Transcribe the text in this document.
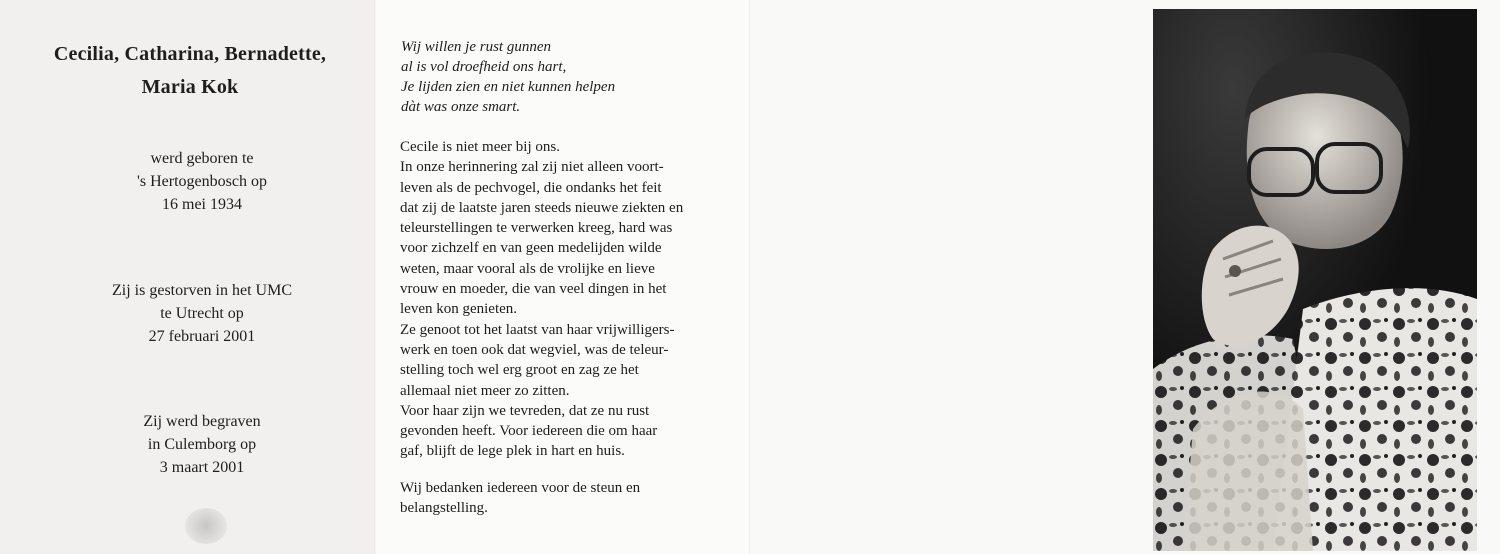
Cecilia, Catharina, Bernadette,
Maria Kok
werd geboren te
's Hertogenbosch op
16 mei 1934
Zij is gestorven in het UMC
te Utrecht op
27 februari 2001
Zij werd begraven
in Culemborg op
3 maart 2001
Wij willen je rust gunnen
al is vol droefheid ons hart,
Je lijden zien en niet kunnen helpen
dàt was onze smart.
Cecile is niet meer bij ons.
In onze herinnering zal zij niet alleen voort-
leven als de pechvogel, die ondanks het feit
dat zij de laatste jaren steeds nieuwe ziekten en
teleurstellingen te verwerken kreeg, hard was
voor zichzelf en van geen medelijden wilde
weten, maar vooral als de vrolijke en lieve
vrouw en moeder, die van veel dingen in het
leven kon genieten.
Ze genoot tot het laatst van haar vrijwilligers-
werk en toen ook dat wegviel, was de teleur-
stelling toch wel erg groot en zag ze het
allemaal niet meer zo zitten.
Voor haar zijn we tevreden, dat ze nu rust
gevonden heeft. Voor iedereen die om haar
gaf, blijft de lege plek in hart en huis.
Wij bedanken iedereen voor de steun en
belangstelling.
